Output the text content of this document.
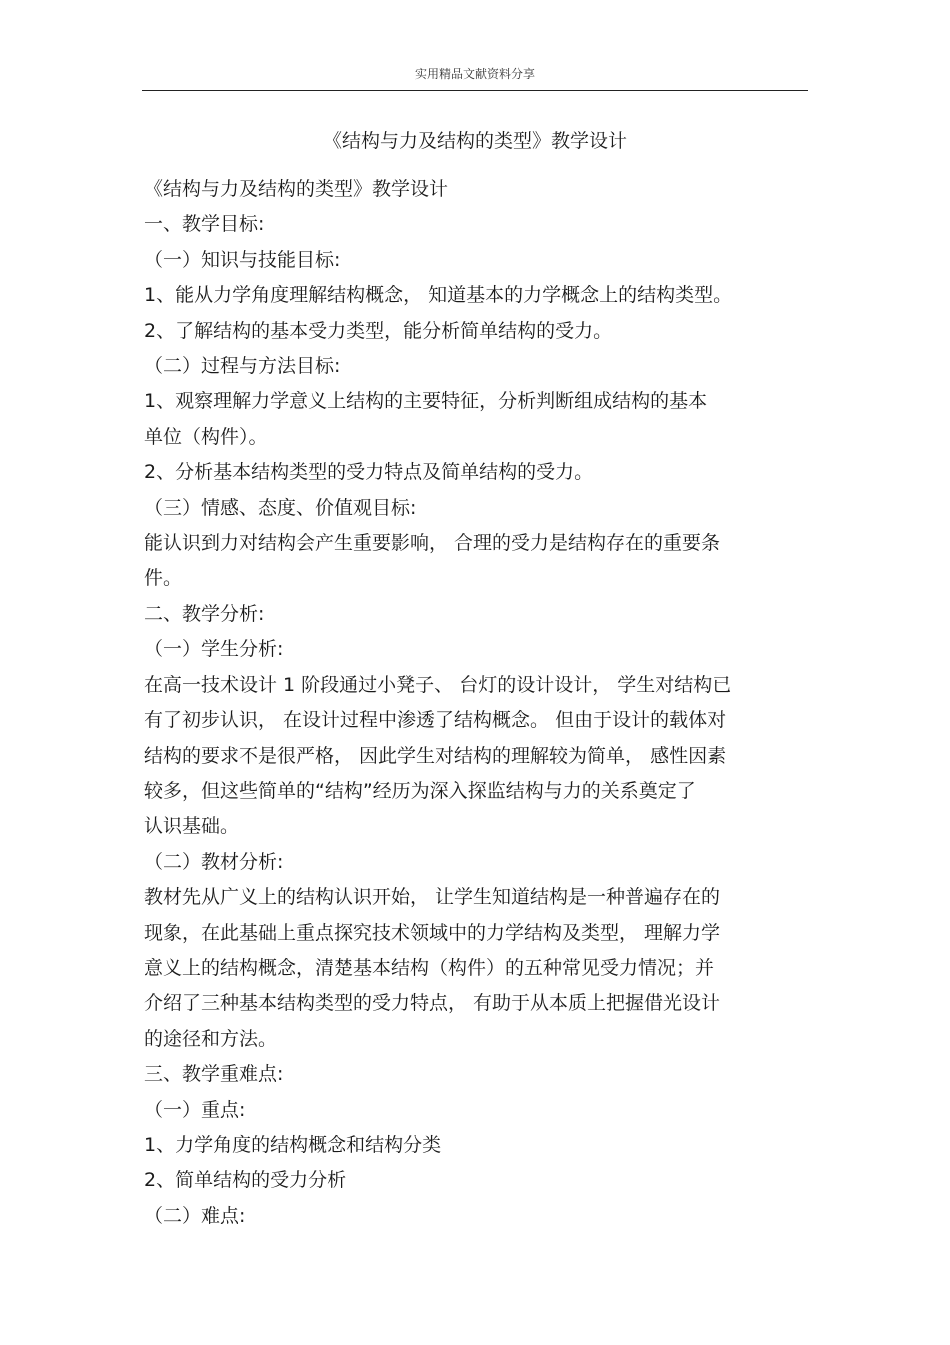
实用精品文献资料分享
《结构与力及结构的类型》教学设计

《结构与力及结构的类型》教学设计

一、教学目标:

（一）知识与技能目标:

1、能从力学角度理解结构概念， 知道基本的力学概念上的结构类型。

2、了解结构的基本受力类型，能分析简单结构的受力。

（二）过程与方法目标:

1、观察理解力学意义上结构的主要特征，分析判断组成结构的基本

单位（构件）。

2、分析基本结构类型的受力特点及简单结构的受力。

（三）情感、态度、价值观目标:

能认识到力对结构会产生重要影响， 合理的受力是结构存在的重要条

件。

二、教学分析:

（一）学生分析:

在高一技术设计 1 阶段通过小凳子、 台灯的设计设计， 学生对结构已

有了初步认识， 在设计过程中渗透了结构概念。 但由于设计的载体对

结构的要求不是很严格， 因此学生对结构的理解较为简单， 感性因素

较多，但这些简单的“结构”经历为深入探监结构与力的关系奠定了

认识基础。

（二）教材分析:

教材先从广义上的结构认识开始， 让学生知道结构是一种普遍存在的

现象，在此基础上重点探究技术领域中的力学结构及类型， 理解力学

意义上的结构概念，清楚基本结构（构件）的五种常见受力情况；并

介绍了三种基本结构类型的受力特点， 有助于从本质上把握借光设计

的途径和方法。

三、教学重难点:

（一）重点:

1、力学角度的结构概念和结构分类

2、简单结构的受力分析

（二）难点:
